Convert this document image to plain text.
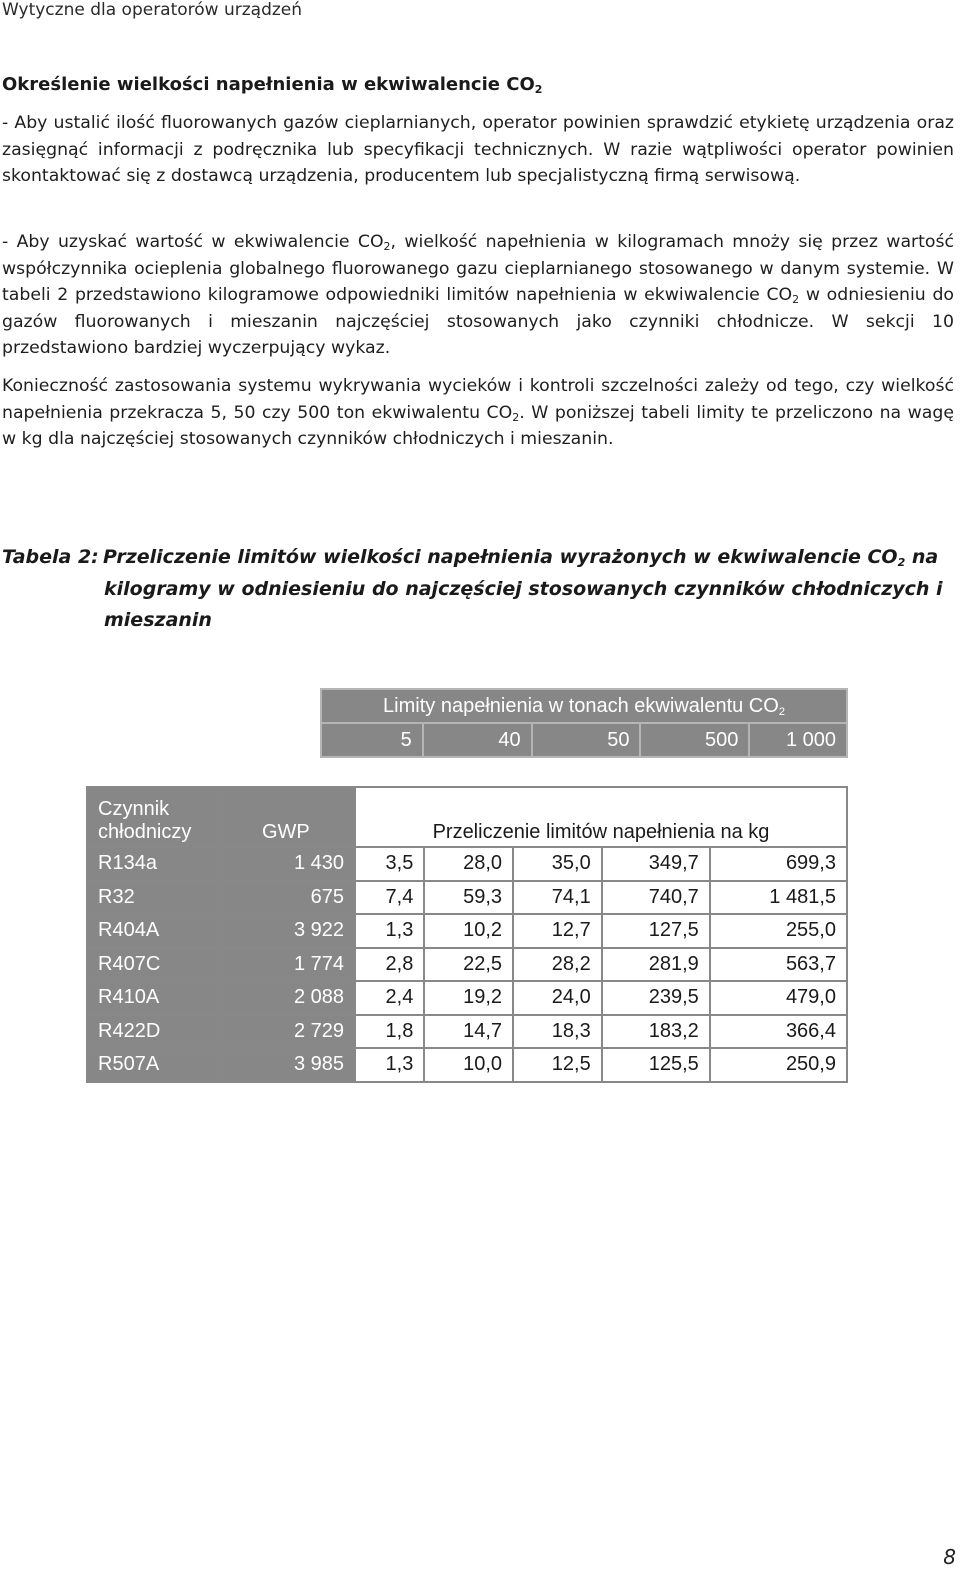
Wytyczne dla operatorów urządzeń
Określenie wielkości napełnienia w ekwiwalencie $CO_2$
- Aby ustalić ilość fluorowanych gazów cieplarnianych, operator powinien sprawdzić etykietę urządzenia oraz zasięgnąć informacji z podręcznika lub specyfikacji technicznych. W razie wątpliwości operator powinien skontaktować się z dostawcą urządzenia, producentem lub specjalistyczną firmą serwisową.
- Aby uzyskać wartość w ekwiwalencie $CO_2$, wielkość napełnienia w kilogramach mnoży się przez wartość współczynnika ocieplenia globalnego fluorowanego gazu cieplarnianego stosowanego w danym systemie. W tabeli 2 przedstawiono kilogramowe odpowiedniki limitów napełnienia w ekwiwalencie $CO_2$ w odniesieniu do gazów fluorowanych i mieszanin najczęściej stosowanych jako czynniki chłodnicze. W sekcji 10 przedstawiono bardziej wyczerpujący wykaz.
Konieczność zastosowania systemu wykrywania wycieków i kontroli szczelności zależy od tego, czy wielkość napełnienia przekracza 5, 50 czy 500 ton ekwiwalentu $CO_2$. W poniższej tabeli limity te przeliczono na wagę w kg dla najczęściej stosowanych czynników chłodniczych i mieszanin.
Tabela 2: Przeliczenie limitów wielkości napełnienia wyrażonych w ekwiwalencie $CO_2$ na
kilogramy w odniesieniu do najczęściej stosowanych czynników chłodniczych i mieszanin
Limity napełnienia w tonach ekwiwalentu $CO_2$
5	40	50	500	1 000
Czynnik
chłodniczy	GWP	Przeliczenie limitów napełnienia na kg				
R134a	1 430	3,5	28,0	35,0	349,7	699,3
R32	675	7,4	59,3	74,1	740,7	1 481,5
R404A	3 922	1,3	10,2	12,7	127,5	255,0
R407C	1 774	2,8	22,5	28,2	281,9	563,7
R410A	2 088	2,4	19,2	24,0	239,5	479,0
R422D	2 729	1,8	14,7	18,3	183,2	366,4
R507A	3 985	1,3	10,0	12,5	125,5	250,9
8
